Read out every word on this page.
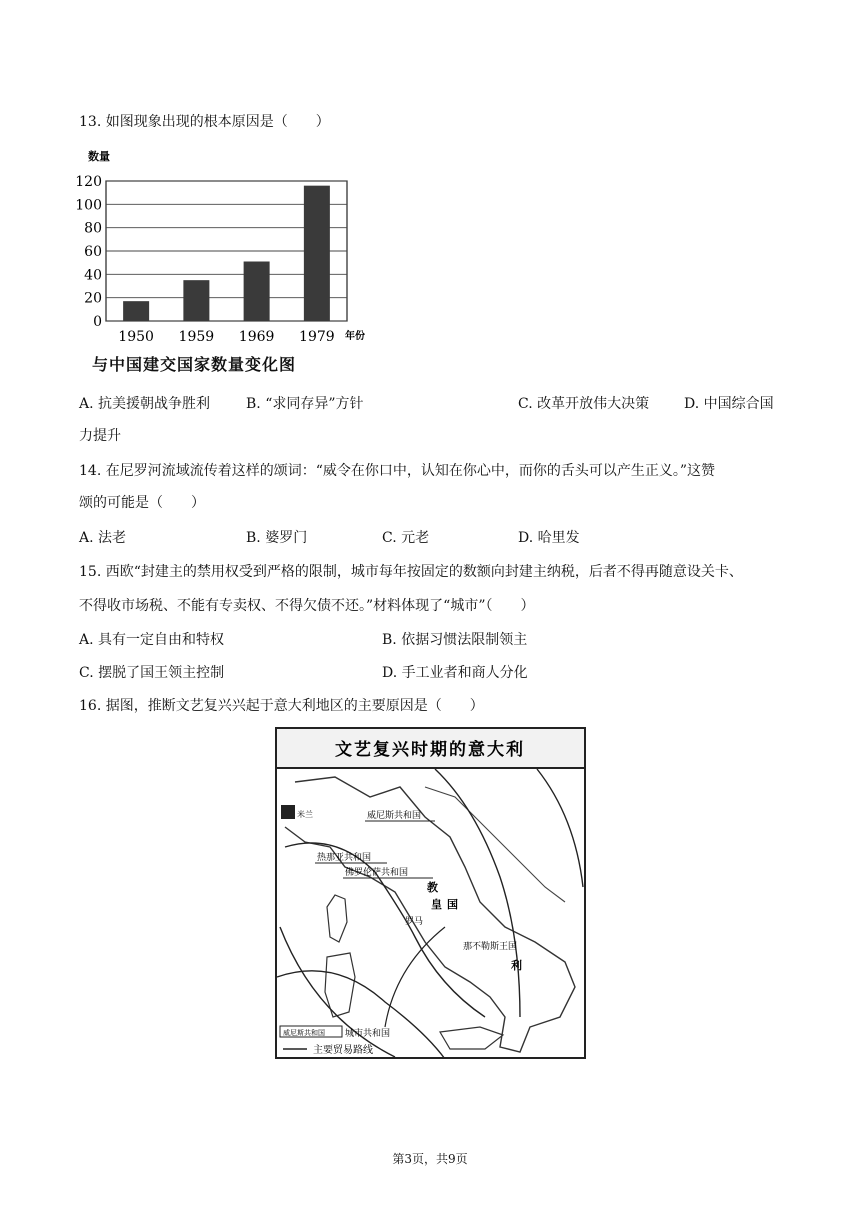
13. 如图现象出现的根本原因是（　　）
0
20
40
60
80
100
120
1950 1959 1969 1979
数量
年份
与中国建交国家数量变化图
A. 抗美援朝战争胜利	B. “求同存异”方针	C. 改革开放伟大决策 D. 中国综合国
力提升
14. 在尼罗河流域流传着这样的颂词：“威令在你口中，认知在你心中，而你的舌头可以产生正义。”这赞
颂的可能是（　　）
A. 法老	B. 婆罗门	C. 元老	D. 哈里发
15. 西欧“封建主的禁用权受到严格的限制，城市每年按固定的数额向封建主纳税，后者不得再随意设关卡、
不得收市场税、不能有专卖权、不得欠债不还。”材料体现了“城市”（　　）
A. 具有一定自由和特权	B. 依据习惯法限制领主
C. 摆脱了国王领主控制	D. 手工业者和商人分化
16. 据图，推断文艺复兴兴起于意大利地区的主要原因是（　　）
文艺复兴时期的意大利
米兰	威尼斯共和国
热那亚共和国
佛罗伦萨共和国
教
皇 国
罗马
那不勒斯王国
利
威尼斯共和国 城市共和国
主要贸易路线
第3页，共9页
